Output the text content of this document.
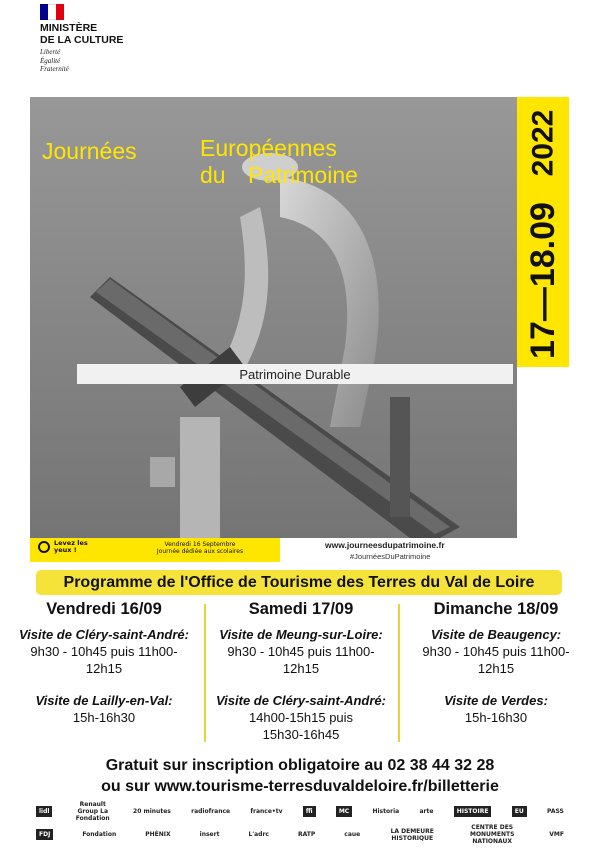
MINISTÈRE
DE LA CULTURE
Liberté
Égalité
Fraternité
Journées	Européennes
du Patrimoine	2022
17—18.09
Patrimoine Durable
Levez les yeux !
Vendredi 16 Septembre
Journée dédiée aux scolaires
www.journeesdupatrimoine.fr
#JournéesDuPatrimoine
Programme de l'Office de Tourisme des Terres du Val de Loire
Vendredi 16/09
Visite de Cléry-saint-André:
9h30 - 10h45 puis 11h00-12h15
Visite de Lailly-en-Val:
15h-16h30
Samedi 17/09
Visite de Meung-sur-Loire:
9h30 - 10h45 puis 11h00-12h15
Visite de Cléry-saint-André:
14h00-15h15 puis 15h30-16h45
Dimanche 18/09
Visite de Beaugency:
9h30 - 10h45 puis 11h00-12h15
Visite de Verdes:
15h-16h30
Gratuit sur inscription obligatoire au 02 38 44 32 28
ou sur www.tourisme-terresduvaldeloire.fr/billetterie
lidl
Renault Group La Fondation
20 minutes	radiofrance	france•tv	ffi	MC	Historia	arte	HISTOIRE	EU	PASS
FDJ	Fondation	PHÉNIX	insert	L'adrc	RATP	caue	LA DEMEURE HISTORIQUE
CENTRE DES MONUMENTS NATIONAUX
VMF
